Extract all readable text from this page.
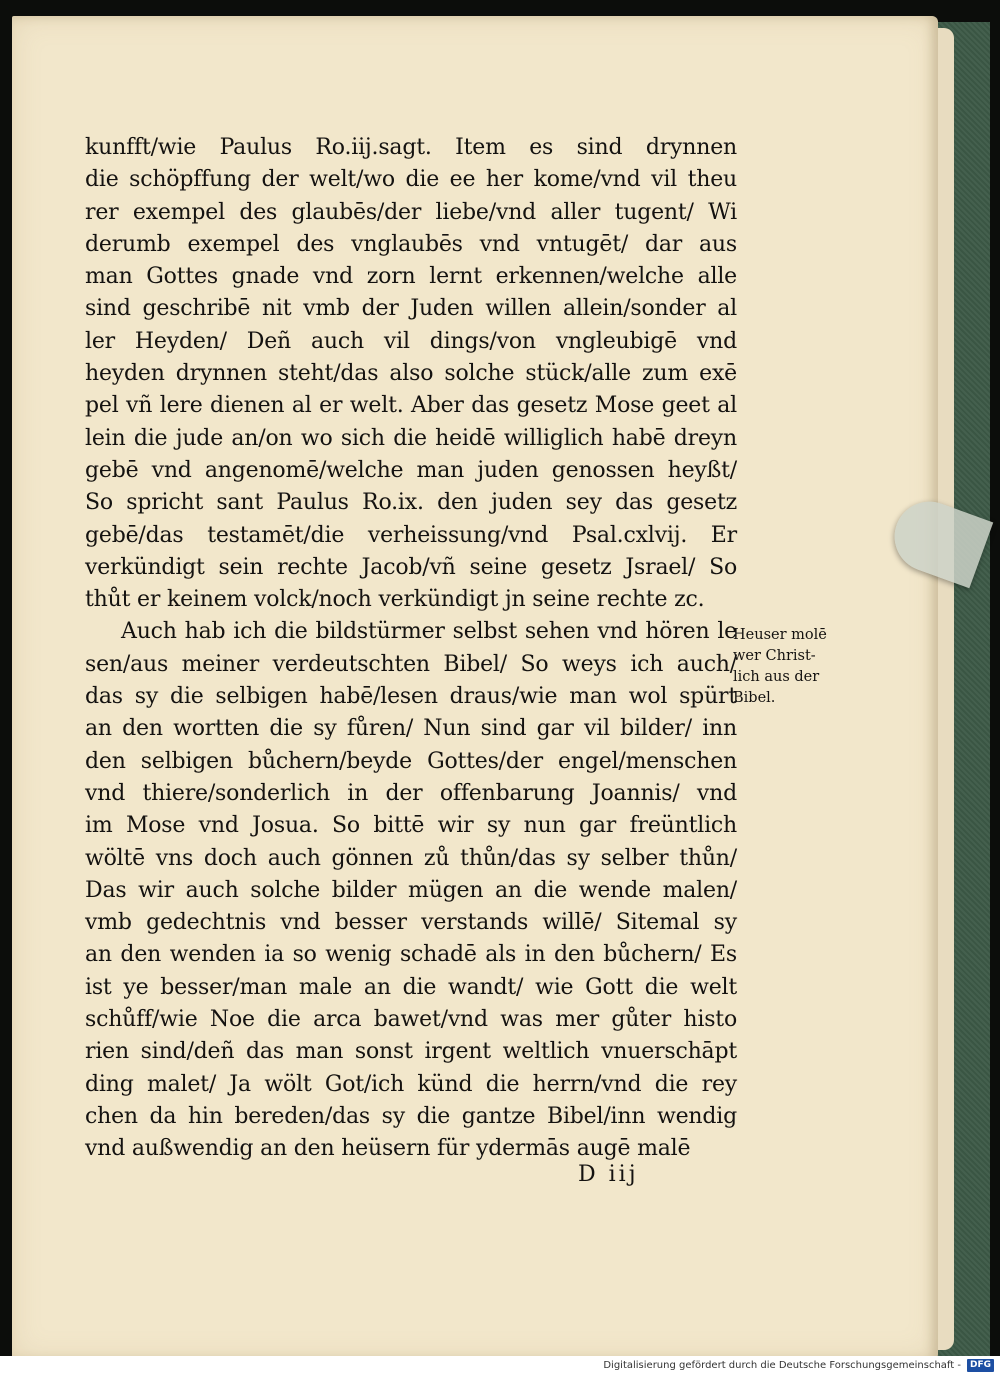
kunfft/wie Paulus Ro.iij.sagt. Item es sind drynnen
die schöpffung der welt/wo die ee her kome/vnd vil theu
rer exempel des glaubēs/der liebe/vnd aller tugent/ Wi
derumb exempel des vnglaubēs vnd vntugēt/ dar aus
man Gottes gnade vnd zorn lernt erkennen/welche alle
sind geschribē nit vmb der Juden willen allein/sonder al
ler Heyden/ Deñ auch vil dings/von vngleubigē vnd
heyden drynnen steht/das also solche stück/alle zum exē
pel vñ lere dienen al er welt. Aber das gesetz Mose geet al
lein die jude an/on wo sich die heidē williglich habē dreyn
gebē vnd angenomē/welche man juden genossen heyßt/
So spricht sant Paulus Ro.ix. den juden sey das gesetz
gebē/das testamēt/die verheissung/vnd Psal.cxlvij. Er
verkündigt sein rechte Jacob/vñ seine gesetz Jsrael/ So
thůt er keinem volck/noch verkündigt jn seine rechte zc.
Auch hab ich die bildstürmer selbst sehen vnd hören le
sen/aus meiner verdeutschten Bibel/ So weys ich auch/
das sy die selbigen habē/lesen draus/wie man wol spürt
an den wortten die sy fůren/ Nun sind gar vil bilder/ inn
den selbigen bůchern/beyde Gottes/der engel/menschen
vnd thiere/sonderlich in der offenbarung Joannis/ vnd
im Mose vnd Josua. So bittē wir sy nun gar freüntlich
wöltē vns doch auch gönnen zů thůn/das sy selber thůn/
Das wir auch solche bilder mügen an die wende malen/
vmb gedechtnis vnd besser verstands willē/ Sitemal sy
an den wenden ia so wenig schadē als in den bůchern/ Es
ist ye besser/man male an die wandt/ wie Gott die welt
schůff/wie Noe die arca bawet/vnd was mer gůter histo
rien sind/deñ das man sonst irgent weltlich vnuerschāpt
ding malet/ Ja wölt Got/ich künd die herrn/vnd die rey
chen da hin bereden/das sy die gantze Bibel/inn wendig
vnd außwendig an den heüsern für ydermās augē malē
Heuser molē
wer Christ-
lich aus der
Bibel.
D iij
Digitalisierung gefördert durch die Deutsche Forschungsgemeinschaft - DFG
